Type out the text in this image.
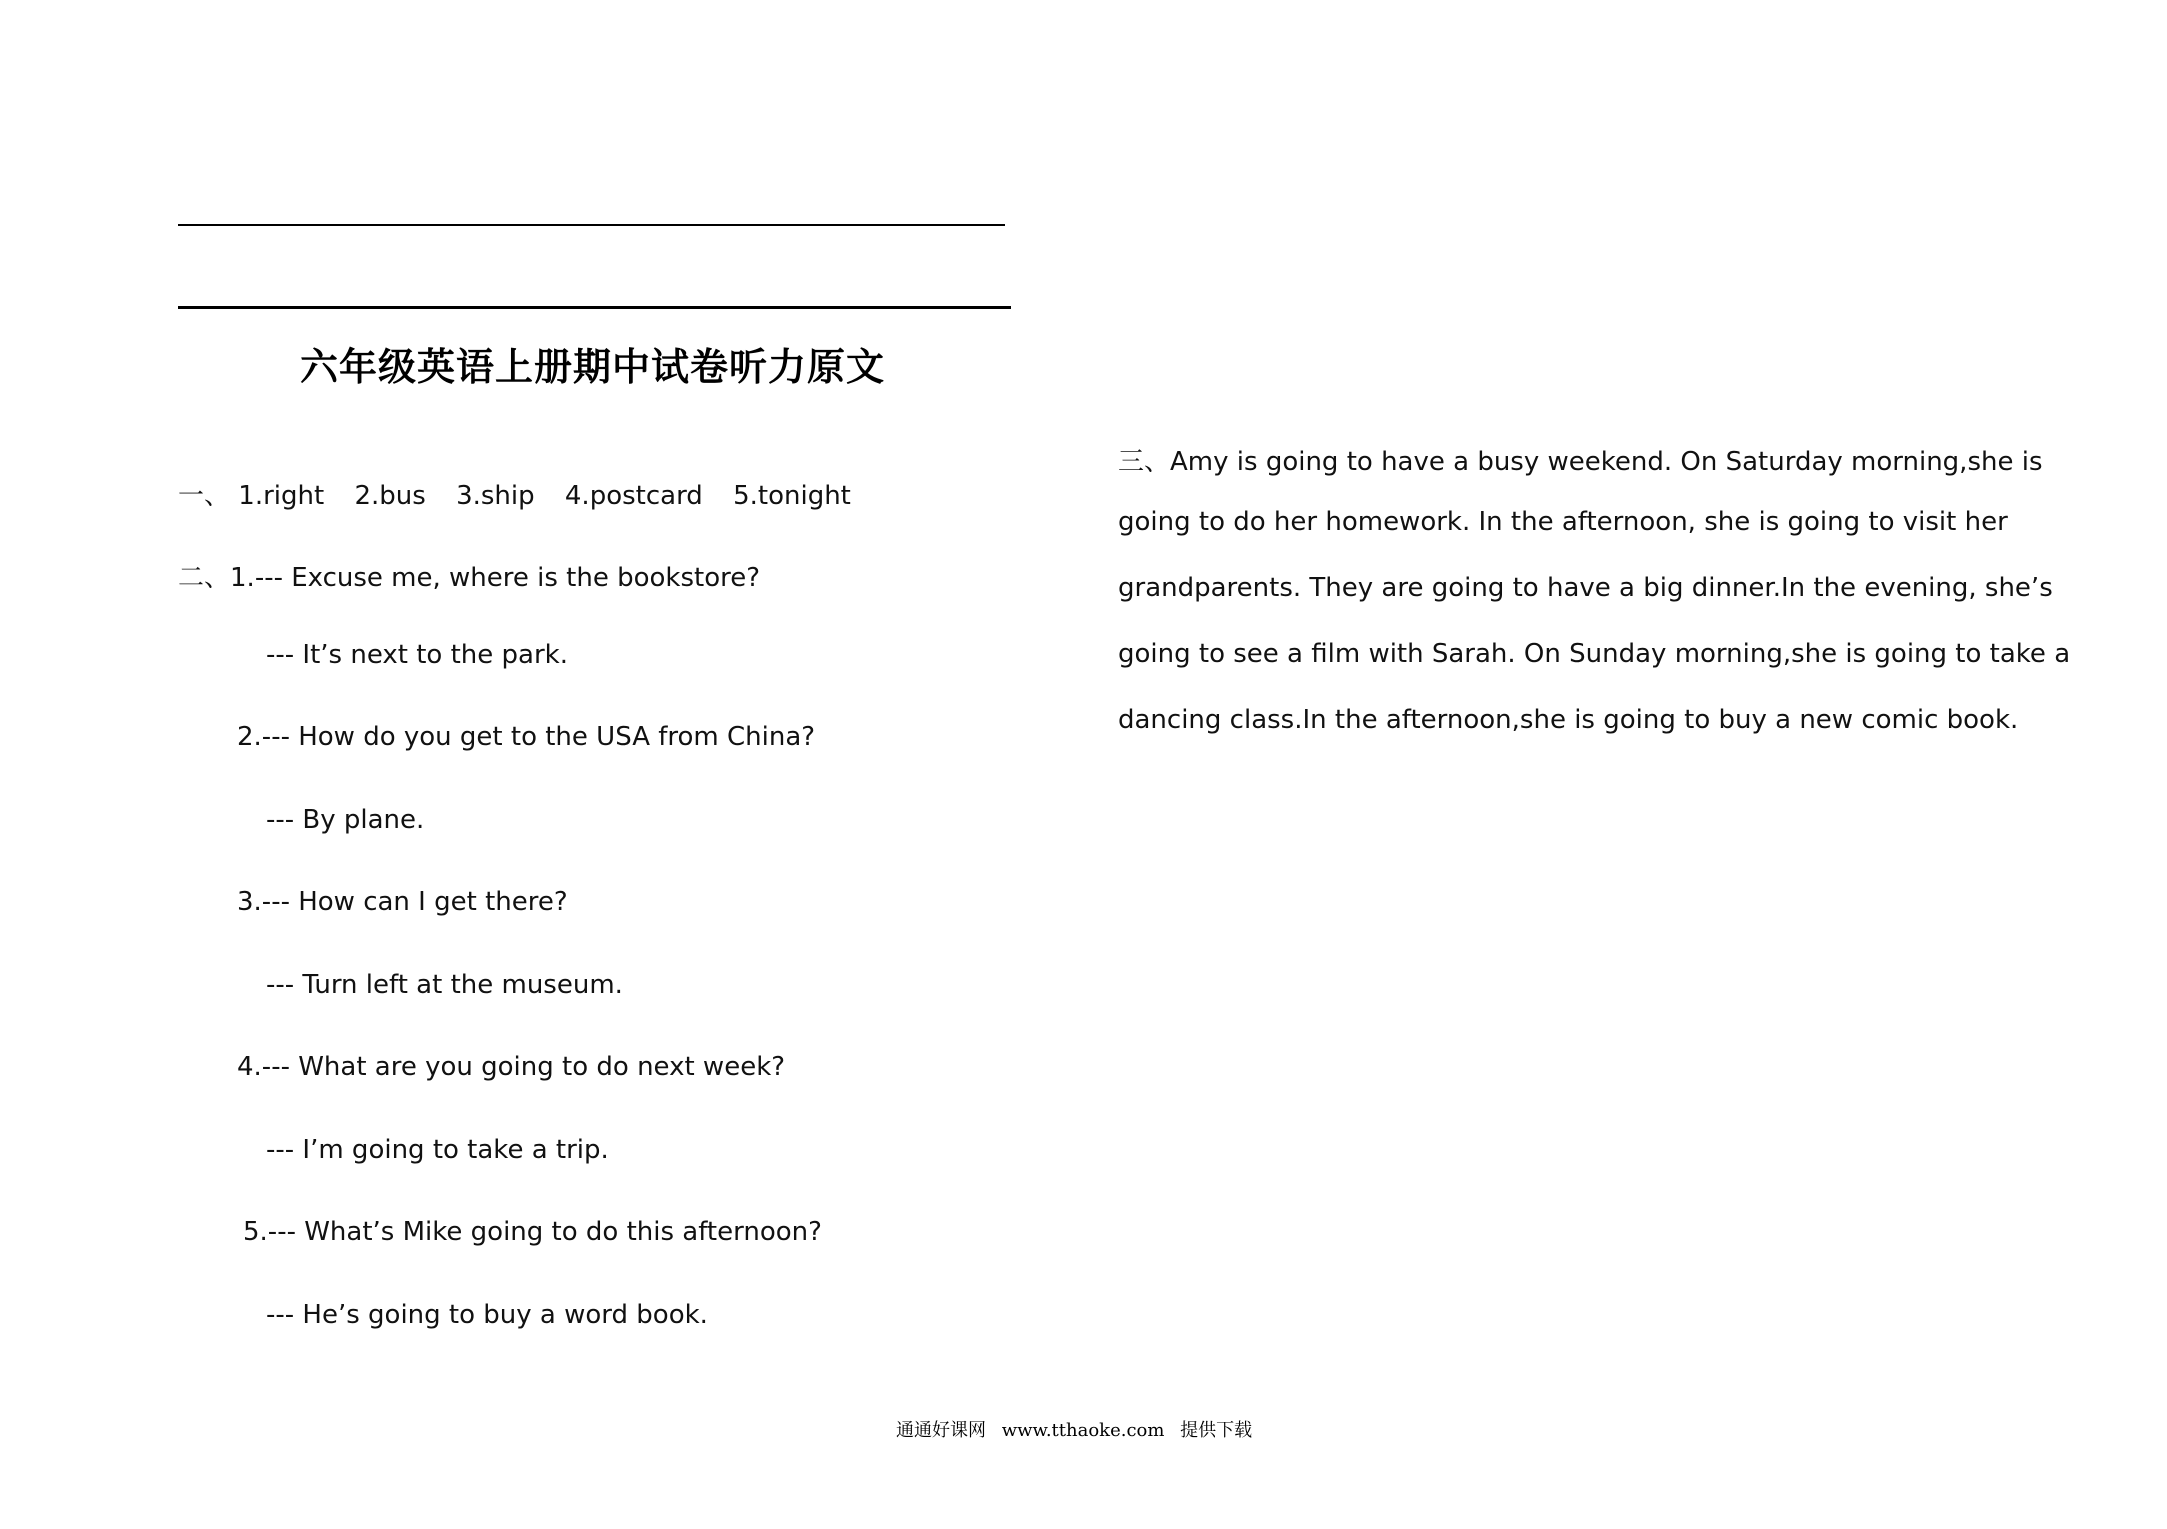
六年级英语上册期中试卷听力原文
一、 1.right 2.bus 3.ship 4.postcard 5.tonight
二、1.--- Excuse me, where is the bookstore?
--- It’s next to the park.
2.--- How do you get to the USA from China?
--- By plane.
3.--- How can I get there?
--- Turn left at the museum.
4.--- What are you going to do next week?
--- I’m going to take a trip.
5.--- What’s Mike going to do this afternoon?
--- He’s going to buy a word book.
三、Amy is going to have a busy weekend. On Saturday morning,she is
going to do her homework. In the afternoon, she is going to visit her
grandparents. They are going to have a big dinner.In the evening, she’s
going to see a film with Sarah. On Sunday morning,she is going to take a
dancing class.In the afternoon,she is going to buy a new comic book.
通通好课网 www.tthaoke.com 提供下载
